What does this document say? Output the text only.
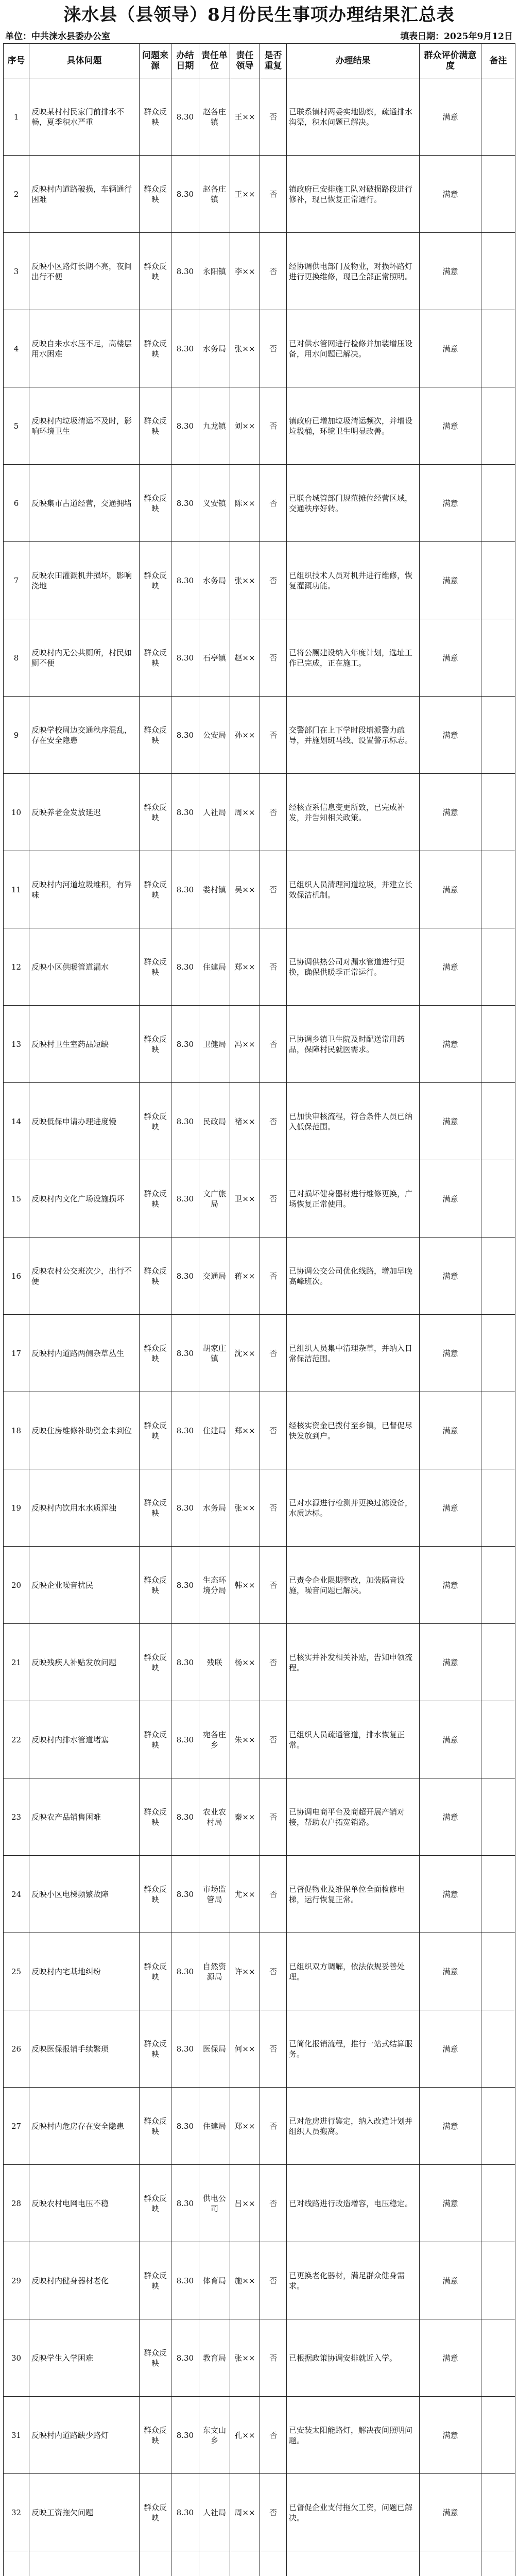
涞水县（县领导）8月份民生事项办理结果汇总表
单位：中共涞水县委办公室	填表日期：2025年9月12日
序号	具体问题	问题来源	办结日期	责任单位	责任领导	是否重复	办理结果	群众评价满意度	备注
1	反映某村村民家门前排水不畅，夏季积水严重	群众反映	8.30	赵各庄镇	王××	否	已联系镇村两委实地勘察，疏通排水沟渠，积水问题已解决。	满意	
2	反映村内道路破损，车辆通行困难	群众反映	8.30	赵各庄镇	王××	否	镇政府已安排施工队对破损路段进行修补，现已恢复正常通行。	满意	
3	反映小区路灯长期不亮，夜间出行不便	群众反映	8.30	永阳镇	李××	否	经协调供电部门及物业，对损坏路灯进行更换维修，现已全部正常照明。	满意	
4	反映自来水水压不足，高楼层用水困难	群众反映	8.30	水务局	张××	否	已对供水管网进行检修并加装增压设备，用水问题已解决。	满意	
5	反映村内垃圾清运不及时，影响环境卫生	群众反映	8.30	九龙镇	刘××	否	镇政府已增加垃圾清运频次，并增设垃圾桶，环境卫生明显改善。	满意	
6	反映集市占道经营，交通拥堵	群众反映	8.30	义安镇	陈××	否	已联合城管部门规范摊位经营区域，交通秩序好转。	满意	
7	反映农田灌溉机井损坏，影响浇地	群众反映	8.30	水务局	张××	否	已组织技术人员对机井进行维修，恢复灌溉功能。	满意	
8	反映村内无公共厕所，村民如厕不便	群众反映	8.30	石亭镇	赵××	否	已将公厕建设纳入年度计划，选址工作已完成，正在施工。	满意	
9	反映学校周边交通秩序混乱，存在安全隐患	群众反映	8.30	公安局	孙××	否	交警部门在上下学时段增派警力疏导，并施划斑马线、设置警示标志。	满意	
10	反映养老金发放延迟	群众反映	8.30	人社局	周××	否	经核查系信息变更所致，已完成补发，并告知相关政策。	满意	
11	反映村内河道垃圾堆积，有异味	群众反映	8.30	娄村镇	吴××	否	已组织人员清理河道垃圾，并建立长效保洁机制。	满意	
12	反映小区供暖管道漏水	群众反映	8.30	住建局	郑××	否	已协调供热公司对漏水管道进行更换，确保供暖季正常运行。	满意	
13	反映村卫生室药品短缺	群众反映	8.30	卫健局	冯××	否	已协调乡镇卫生院及时配送常用药品，保障村民就医需求。	满意	
14	反映低保申请办理进度慢	群众反映	8.30	民政局	褚××	否	已加快审核流程，符合条件人员已纳入低保范围。	满意	
15	反映村内文化广场设施损坏	群众反映	8.30	文广旅局	卫××	否	已对损坏健身器材进行维修更换，广场恢复正常使用。	满意	
16	反映农村公交班次少，出行不便	群众反映	8.30	交通局	蒋××	否	已协调公交公司优化线路，增加早晚高峰班次。	满意	
17	反映村内道路两侧杂草丛生	群众反映	8.30	胡家庄镇	沈××	否	已组织人员集中清理杂草，并纳入日常保洁范围。	满意	
18	反映住房维修补助资金未到位	群众反映	8.30	住建局	郑××	否	经核实资金已拨付至乡镇，已督促尽快发放到户。	满意	
19	反映村内饮用水水质浑浊	群众反映	8.30	水务局	张××	否	已对水源进行检测并更换过滤设备，水质达标。	满意	
20	反映企业噪音扰民	群众反映	8.30	生态环境分局	韩××	否	已责令企业限期整改，加装隔音设施，噪音问题已解决。	满意	
21	反映残疾人补贴发放问题	群众反映	8.30	残联	杨××	否	已核实并补发相关补贴，告知申领流程。	满意	
22	反映村内排水管道堵塞	群众反映	8.30	宛各庄乡	朱××	否	已组织人员疏通管道，排水恢复正常。	满意	
23	反映农产品销售困难	群众反映	8.30	农业农村局	秦××	否	已协调电商平台及商超开展产销对接，帮助农户拓宽销路。	满意	
24	反映小区电梯频繁故障	群众反映	8.30	市场监管局	尤××	否	已督促物业及维保单位全面检修电梯，运行恢复正常。	满意	
25	反映村内宅基地纠纷	群众反映	8.30	自然资源局	许××	否	已组织双方调解，依法依规妥善处理。	满意	
26	反映医保报销手续繁琐	群众反映	8.30	医保局	何××	否	已简化报销流程，推行一站式结算服务。	满意	
27	反映村内危房存在安全隐患	群众反映	8.30	住建局	郑××	否	已对危房进行鉴定，纳入改造计划并组织人员搬离。	满意	
28	反映农村电网电压不稳	群众反映	8.30	供电公司	吕××	否	已对线路进行改造增容，电压稳定。	满意	
29	反映村内健身器材老化	群众反映	8.30	体育局	施××	否	已更换老化器材，满足群众健身需求。	满意	
30	反映学生入学困难	群众反映	8.30	教育局	张××	否	已根据政策协调安排就近入学。	满意	
31	反映村内道路缺少路灯	群众反映	8.30	东文山乡	孔××	否	已安装太阳能路灯，解决夜间照明问题。	满意	
32	反映工资拖欠问题	群众反映	8.30	人社局	周××	否	已督促企业支付拖欠工资，问题已解决。	满意	
